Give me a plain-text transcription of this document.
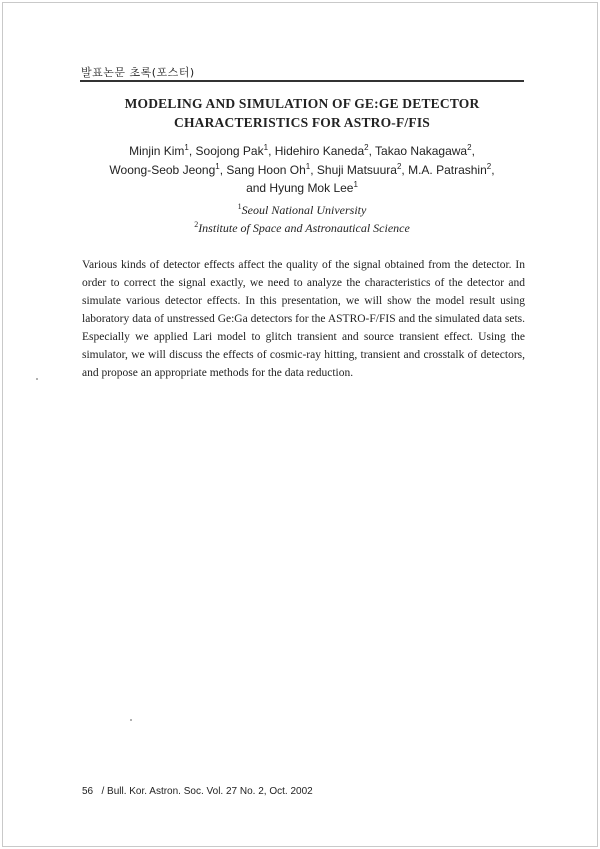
발표논문 초록(포스터)
MODELING AND SIMULATION OF GE:GE DETECTOR
CHARACTERISTICS FOR ASTRO-F/FIS
Minjin Kim$^1$, Soojong Pak$^1$, Hidehiro Kaneda$^2$, Takao Nakagawa$^2$,
Woong-Seob Jeong$^1$, Sang Hoon Oh$^1$, Shuji Matsuura$^2$, M.A. Patrashin$^2$,
and Hyung Mok Lee$^1$
$^1$Seoul National University
$^2$Institute of Space and Astronautical Science

Various kinds of detector effects affect the quality of the signal obtained from the detector. In order to correct the signal exactly, we need to analyze the characteristics of the detector and simulate various detector effects. In this presentation, we will show the model result using laboratory data of unstressed Ge:Ga detectors for the ASTRO-F/FIS and the simulated data sets. Especially we applied Lari model to glitch transient and source transient effect. Using the simulator, we will discuss the effects of cosmic-ray hitting, transient and crosstalk of detectors, and propose an appropriate methods for the data reduction.

56 / Bull. Kor. Astron. Soc. Vol. 27 No. 2, Oct. 2002
